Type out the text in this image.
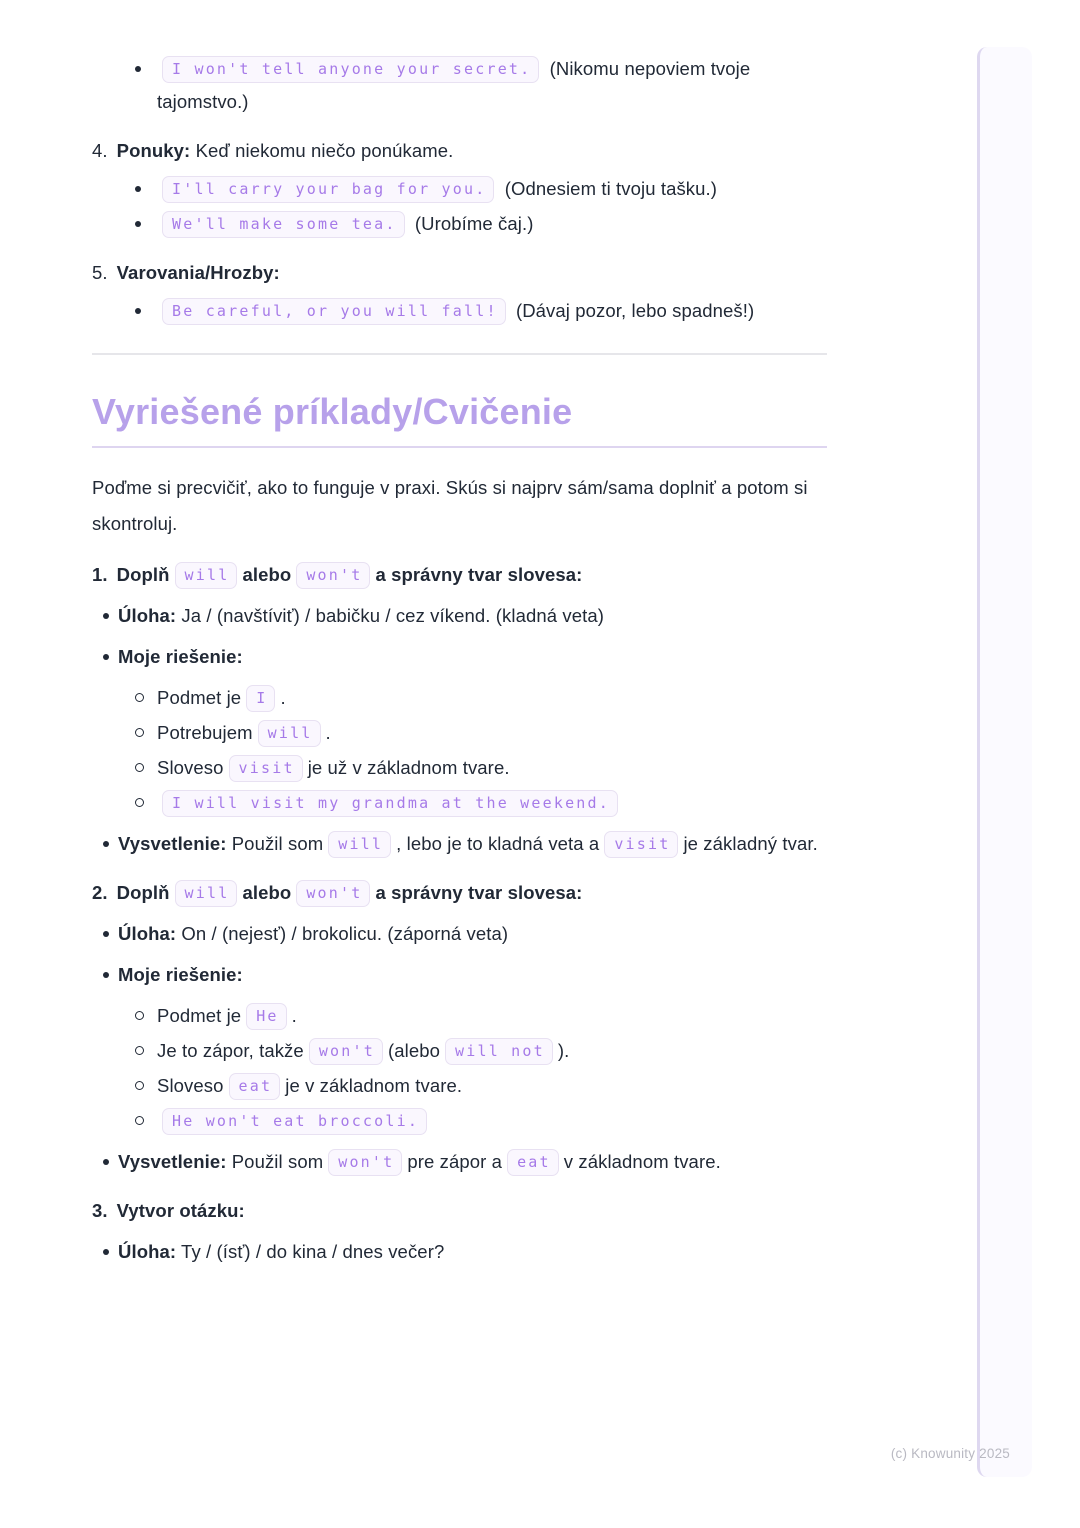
I won't tell anyone your secret. (Nikomu nepoviem tvoje tajomstvo.)
4. Ponuky: Keď niekomu niečo ponúkame.
I'll carry your bag for you. (Odnesiem ti tvoju tašku.)
We'll make some tea. (Urobíme čaj.)
5. Varovania/Hrozby:
Be careful, or you will fall! (Dávaj pozor, lebo spadneš!)
Vyriešené príklady/Cvičenie
Poďme si precvičiť, ako to funguje v praxi. Skús si najprv sám/sama doplniť a potom si skontroluj.
1. Doplň will alebo won't a správny tvar slovesa:
Úloha: Ja / (navštíviť) / babičku / cez víkend. (kladná veta)
Moje riešenie:
Podmet je I .
Potrebujem will .
Sloveso visit je už v základnom tvare.
I will visit my grandma at the weekend.
Vysvetlenie: Použil som will , lebo je to kladná veta a visit je základný tvar.
2. Doplň will alebo won't a správny tvar slovesa:
Úloha: On / (nejesť) / brokolicu. (záporná veta)
Moje riešenie:
Podmet je He .
Je to zápor, takže won't (alebo will not ).
Sloveso eat je v základnom tvare.
He won't eat broccoli.
Vysvetlenie: Použil som won't pre zápor a eat v základnom tvare.
3. Vytvor otázku:
Úloha: Ty / (ísť) / do kina / dnes večer?
(c) Knowunity 2025
